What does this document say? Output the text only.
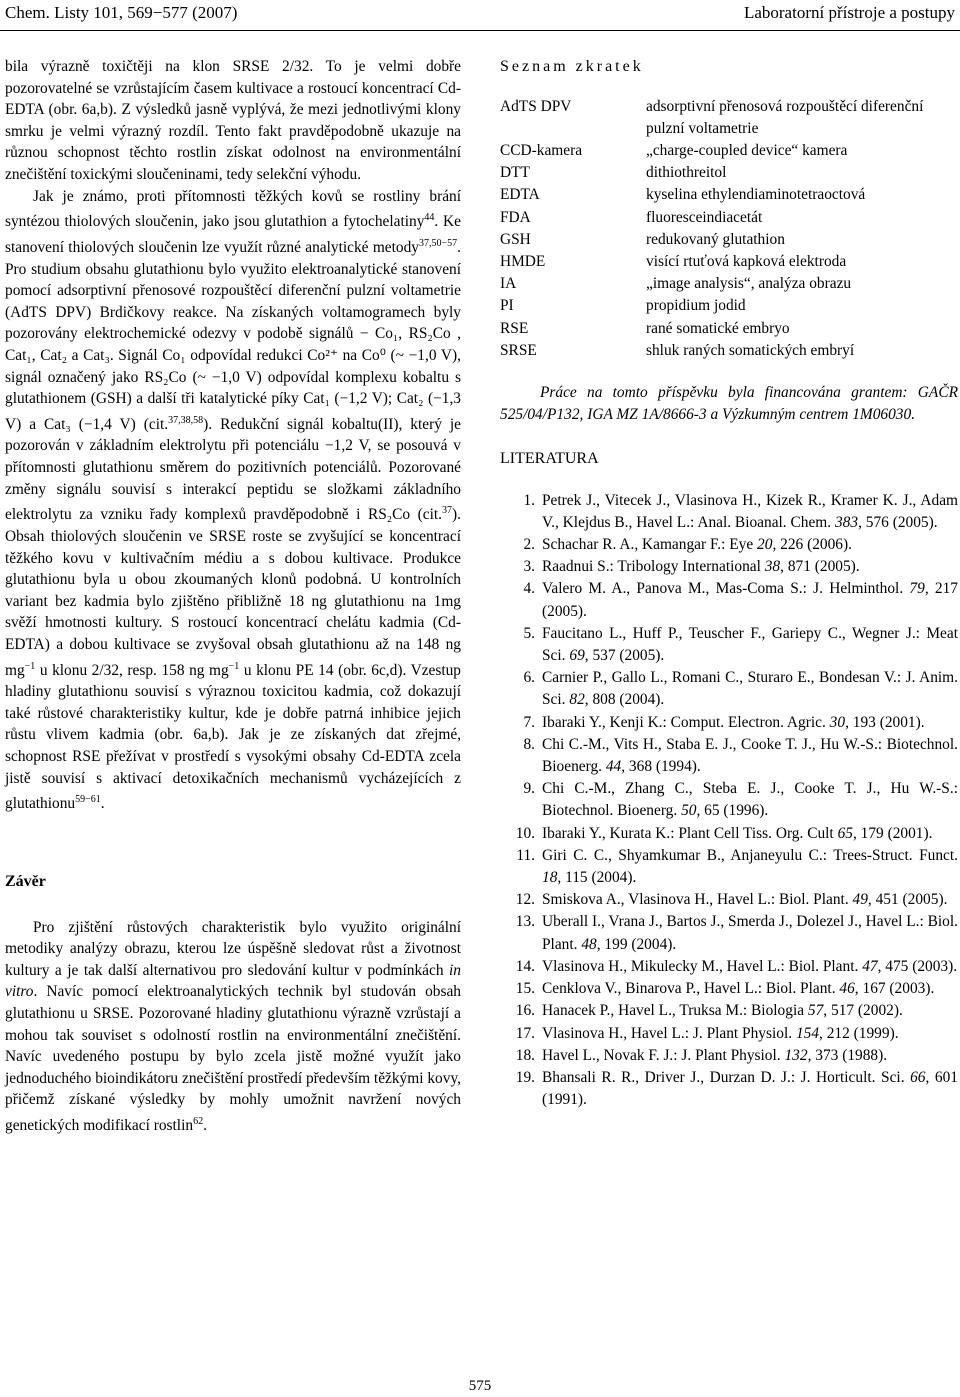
Chem. Listy 101, 569−577 (2007)	Laboratorní přístroje a postupy

bila výrazně toxičtěji na klon SRSE 2/32. To je velmi dobře pozorovatelné se vzrůstajícím časem kultivace a rostoucí koncentrací Cd-EDTA (obr. 6a,b). Z výsledků jasně vyplývá, že mezi jednotlivými klony smrku je velmi výrazný rozdíl. Tento fakt pravděpodobně ukazuje na různou schopnost těchto rostlin získat odolnost na environmentální znečištění toxickými sloučeninami, tedy selekční výhodu.

Jak je známo, proti přítomnosti těžkých kovů se rostliny brání syntézou thiolových sloučenin, jako jsou glutathion a fytochelatiny$^{44}$. Ke stanovení thiolových sloučenin lze využít různé analytické metody$^{37,50-57}$. Pro studium obsahu glutathionu bylo využito elektroanalytické stanovení pomocí adsorptivní přenosové rozpouštěcí diferenční pulzní voltametrie (AdTS DPV) Brdičkovy reakce. Na získaných voltamogramech byly pozorovány elektrochemické odezvy v podobě signálů − Co₁, RS₂Co , Cat₁, Cat₂ a Cat₃. Signál Co₁ odpovídal redukci Co²⁺ na Co⁰ (~ −1,0 V), signál označený jako RS₂Co (~ −1,0 V) odpovídal komplexu kobaltu s glutathionem (GSH) a další tři katalytické píky Cat₁ (−1,2 V); Cat₂ (−1,3 V) a Cat₃ (−1,4 V) (cit.$^{37,38,58}$). Redukční signál kobaltu(II), který je pozorován v základním elektrolytu při potenciálu −1,2 V, se posouvá v přítomnosti glutathionu směrem do pozitivních potenciálů. Pozorované změny signálu souvisí s interakcí peptidu se složkami základního elektrolytu za vzniku řady komplexů pravděpodobně i RS₂Co (cit.$^{37}$). Obsah thiolových sloučenin ve SRSE roste se zvyšující se koncentrací těžkého kovu v kultivačním médiu a s dobou kultivace. Produkce glutathionu byla u obou zkoumaných klonů podobná. U kontrolních variant bez kadmia bylo zjištěno přibližně 18 ng glutathionu na 1mg svěží hmotnosti kultury. S rostoucí koncentrací chelátu kadmia (Cd-EDTA) a dobou kultivace se zvyšoval obsah glutathionu až na 148 ng $mg^{-1}$ u klonu 2/32, resp. 158 ng $mg^{-1}$ u klonu PE 14 (obr. 6c,d). Vzestup hladiny glutathionu souvisí s výraznou toxicitou kadmia, což dokazují také růstové charakteristiky kultur, kde je dobře patrná inhibice jejich růstu vlivem kadmia (obr. 6a,b). Jak je ze získaných dat zřejmé, schopnost RSE přežívat v prostředí s vysokými obsahy Cd-EDTA zcela jistě souvisí s aktivací detoxikačních mechanismů vycházejících z glutathionu$^{59-61}$.

Závěr

Pro zjištění růstových charakteristik bylo využito originální metodiky analýzy obrazu, kterou lze úspěšně sledovat růst a životnost kultury a je tak další alternativou pro sledování kultur v podmínkách in vitro. Navíc pomocí elektroanalytických technik byl studován obsah glutathionu u SRSE. Pozorované hladiny glutathionu výrazně vzrůstají a mohou tak souviset s odolností rostlin na environmentální znečištění. Navíc uvedeného postupu by bylo zcela jistě možné využít jako jednoduchého bioindikátoru znečištění prostředí především těžkými kovy, přičemž získané výsledky by mohly umožnit navržení nových genetických modifikací rostlin$^{62}$.

Seznam zkratek
AdTS DPV	adsorptivní přenosová rozpouštěcí diferenční pulzní voltametrie
CCD-kamera	„charge-coupled device“ kamera
DTT	dithiothreitol
EDTA	kyselina ethylendiaminotetraoctová
FDA	fluoresceindiacetát
GSH	redukovaný glutathion
HMDE	visící rtuťová kapková elektroda
IA	„image analysis“, analýza obrazu
PI	propidium jodid
RSE	rané somatické embryo
SRSE	shluk raných somatických embryí
Práce na tomto příspěvku byla financována grantem: GAČR 525/04/P132, IGA MZ 1A/8666-3 a Výzkumným centrem 1M06030.
LITERATURA
1. Petrek J., Vitecek J., Vlasinova H., Kizek R., Kramer K. J., Adam V., Klejdus B., Havel L.: Anal. Bioanal. Chem. 383, 576 (2005).
2. Schachar R. A., Kamangar F.: Eye 20, 226 (2006).
3. Raadnui S.: Tribology International 38, 871 (2005).
4. Valero M. A., Panova M., Mas-Coma S.: J. Helminthol. 79, 217 (2005).
5. Faucitano L., Huff P., Teuscher F., Gariepy C., Wegner J.: Meat Sci. 69, 537 (2005).
6. Carnier P., Gallo L., Romani C., Sturaro E., Bondesan V.: J. Anim. Sci. 82, 808 (2004).
7. Ibaraki Y., Kenji K.: Comput. Electron. Agric. 30, 193 (2001).
8. Chi C.-M., Vits H., Staba E. J., Cooke T. J., Hu W.-S.: Biotechnol. Bioenerg. 44, 368 (1994).
9. Chi C.-M., Zhang C., Steba E. J., Cooke T. J., Hu W.-S.: Biotechnol. Bioenerg. 50, 65 (1996).
10. Ibaraki Y., Kurata K.: Plant Cell Tiss. Org. Cult 65, 179 (2001).
11. Giri C. C., Shyamkumar B., Anjaneyulu C.: Trees-Struct. Funct. 18, 115 (2004).
12. Smiskova A., Vlasinova H., Havel L.: Biol. Plant. 49, 451 (2005).
13. Uberall I., Vrana J., Bartos J., Smerda J., Dolezel J., Havel L.: Biol. Plant. 48, 199 (2004).
14. Vlasinova H., Mikulecky M., Havel L.: Biol. Plant. 47, 475 (2003).
15. Cenklova V., Binarova P., Havel L.: Biol. Plant. 46, 167 (2003).
16. Hanacek P., Havel L., Truksa M.: Biologia 57, 517 (2002).
17. Vlasinova H., Havel L.: J. Plant Physiol. 154, 212 (1999).
18. Havel L., Novak F. J.: J. Plant Physiol. 132, 373 (1988).
19. Bhansali R. R., Driver J., Durzan D. J.: J. Horticult. Sci. 66, 601 (1991).
575
